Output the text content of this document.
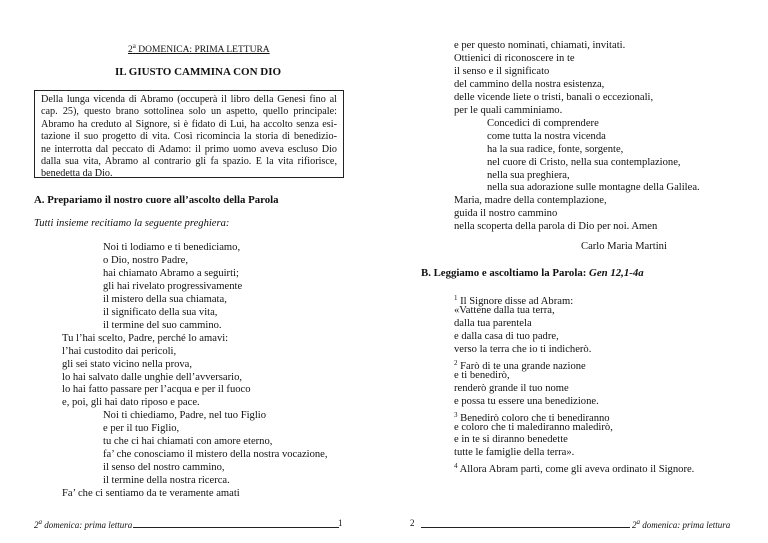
2$^a$ DOMENICA: PRIMA LETTURA
IL GIUSTO CAMMINA CON DIO
Della lunga vicenda di Abramo (occuperà il libro della Genesi fino al
cap. 25), questo brano sottolinea solo un aspetto, quello principale:
Abramo ha creduto al Signore, si è fidato di Lui, ha accolto senza esi-
tazione il suo progetto di vita. Così ricomincia la storia di benedizio-
ne interrotta dal peccato di Adamo: il primo uomo aveva escluso Dio
dalla sua vita, Abramo al contrario gli fa spazio. E la vita rifiorisce,
benedetta da Dio.
A. Prepariamo il nostro cuore all’ascolto della Parola
Tutti insieme recitiamo la seguente preghiera:
Noi ti lodiamo e ti benediciamo,
o Dio, nostro Padre,
hai chiamato Abramo a seguirti;
gli hai rivelato progressivamente
il mistero della sua chiamata,
il significato della sua vita,
il termine del suo cammino.
Tu l’hai scelto, Padre, perché lo amavi:
l’hai custodito dai pericoli,
gli sei stato vicino nella prova,
lo hai salvato dalle unghie dell’avversario,
lo hai fatto passare per l’acqua e per il fuoco
e, poi, gli hai dato riposo e pace.
Noi ti chiediamo, Padre, nel tuo Figlio
e per il tuo Figlio,
tu che ci hai chiamati con amore eterno,
fa’ che conosciamo il mistero della nostra vocazione,
il senso del nostro cammino,
il termine della nostra ricerca.
Fa’ che ci sentiamo da te veramente amati
2$^a$ domenica: prima lettura	1
e per questo nominati, chiamati, invitati.
Ottienici di riconoscere in te
il senso e il significato
del cammino della nostra esistenza,
delle vicende liete o tristi, banali o eccezionali,
per le quali camminiamo.
Concedici di comprendere
come tutta la nostra vicenda
ha la sua radice, fonte, sorgente,
nel cuore di Cristo, nella sua contemplazione,
nella sua preghiera,
nella sua adorazione sulle montagne della Galilea.
Maria, madre della contemplazione,
guida il nostro cammino
nella scoperta della parola di Dio per noi. Amen
Carlo Maria Martini
B. Leggiamo e ascoltiamo la Parola: Gen 12,1-4a
$^1$ Il Signore disse ad Abram:
«Vattene dalla tua terra,
dalla tua parentela
e dalla casa di tuo padre,
verso la terra che io ti indicherò.
$^2$ Farò di te una grande nazione
e ti benedirò,
renderò grande il tuo nome
e possa tu essere una benedizione.
$^3$ Benedirò coloro che ti benediranno
e coloro che ti malediranno maledirò,
e in te si diranno benedette
tutte le famiglie della terra».
$^4$ Allora Abram partì, come gli aveva ordinato il Signore.
2	2$^a$ domenica: prima lettura
